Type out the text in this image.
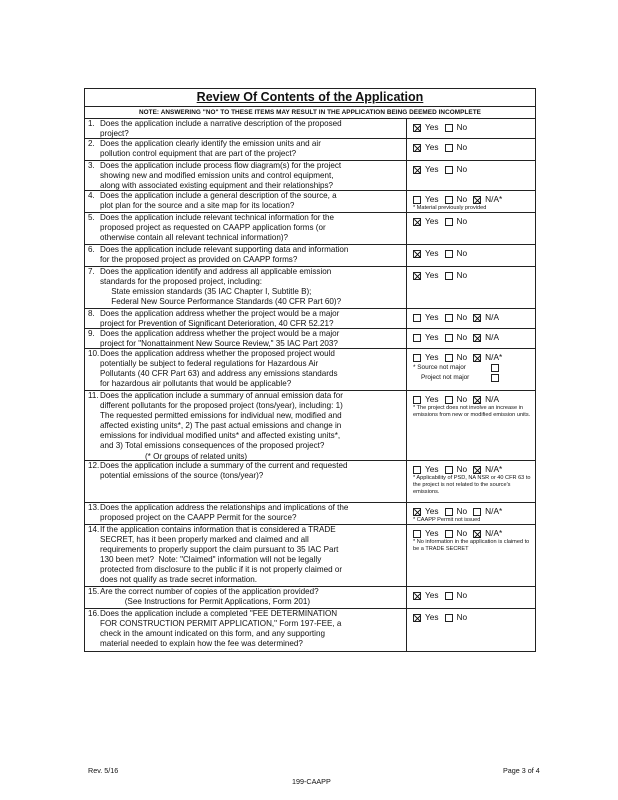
Review Of Contents of the Application
NOTE: ANSWERING "NO" TO THESE ITEMS MAY RESULT IN THE APPLICATION BEING DEEMED INCOMPLETE
1. Does the application include a narrative description of the proposed
project?
Yes No
2. Does the application clearly identify the emission units and air
pollution control equipment that are part of the project?
Yes No
3. Does the application include process flow diagram(s) for the project
showing new and modified emission units and control equipment,
along with associated existing equipment and their relationships?
Yes No
4. Does the application include a general description of the source, a
plot plan for the source and a site map for its location?
Yes No N/A*
* Material previously provided
5. Does the application include relevant technical information for the
proposed project as requested on CAAPP application forms (or
otherwise contain all relevant technical information)?
Yes No
6. Does the application include relevant supporting data and information
for the proposed project as provided on CAAPP forms?
Yes No
7. Does the application identify and address all applicable emission
standards for the proposed project, including:
State emission standards (35 IAC Chapter I, Subtitle B);
Federal New Source Performance Standards (40 CFR Part 60)?
Yes No
8. Does the application address whether the project would be a major
project for Prevention of Significant Deterioration, 40 CFR 52.21?
Yes No N/A
9. Does the application address whether the project would be a major
project for "Nonattainment New Source Review," 35 IAC Part 203?
Yes No N/A
10. Does the application address whether the proposed project would
potentially be subject to federal regulations for Hazardous Air
Pollutants (40 CFR Part 63) and address any emissions standards
for hazardous air pollutants that would be applicable?
Yes No N/A*
* Source not major
Project not major
11. Does the application include a summary of annual emission data for
different pollutants for the proposed project (tons/year), including: 1)
The requested permitted emissions for individual new, modified and
affected existing units*, 2) The past actual emissions and change in
emissions for individual modified units* and affected existing units*,
and 3) Total emissions consequences of the proposed project?
(* Or groups of related units)
Yes No N/A
* The project does not involve an increase in emissions from new or modified emission units.
12. Does the application include a summary of the current and requested
potential emissions of the source (tons/year)?
Yes No N/A*
* Applicability of PSD, NA NSR or 40 CFR 63 to the project is not related to the source's emissions.
13. Does the application address the relationships and implications of the
proposed project on the CAAPP Permit for the source?
Yes No N/A*
* CAAPP Permit not issued
14. If the application contains information that is considered a TRADE
SECRET, has it been properly marked and claimed and all
requirements to properly support the claim pursuant to 35 IAC Part
130 been met?  Note: "Claimed" information will not be legally
protected from disclosure to the public if it is not properly claimed or
does not qualify as trade secret information.
Yes No N/A*
* No information in the application is claimed to be a TRADE SECRET
15. Are the correct number of copies of the application provided?
(See Instructions for Permit Applications, Form 201)
Yes No
16. Does the application include a completed "FEE DETERMINATION
FOR CONSTRUCTION PERMIT APPLICATION," Form 197-FEE, a
check in the amount indicated on this form, and any supporting
material needed to explain how the fee was determined?
Yes No
Rev. 5/16
199-CAAPP
Page 3 of 4
